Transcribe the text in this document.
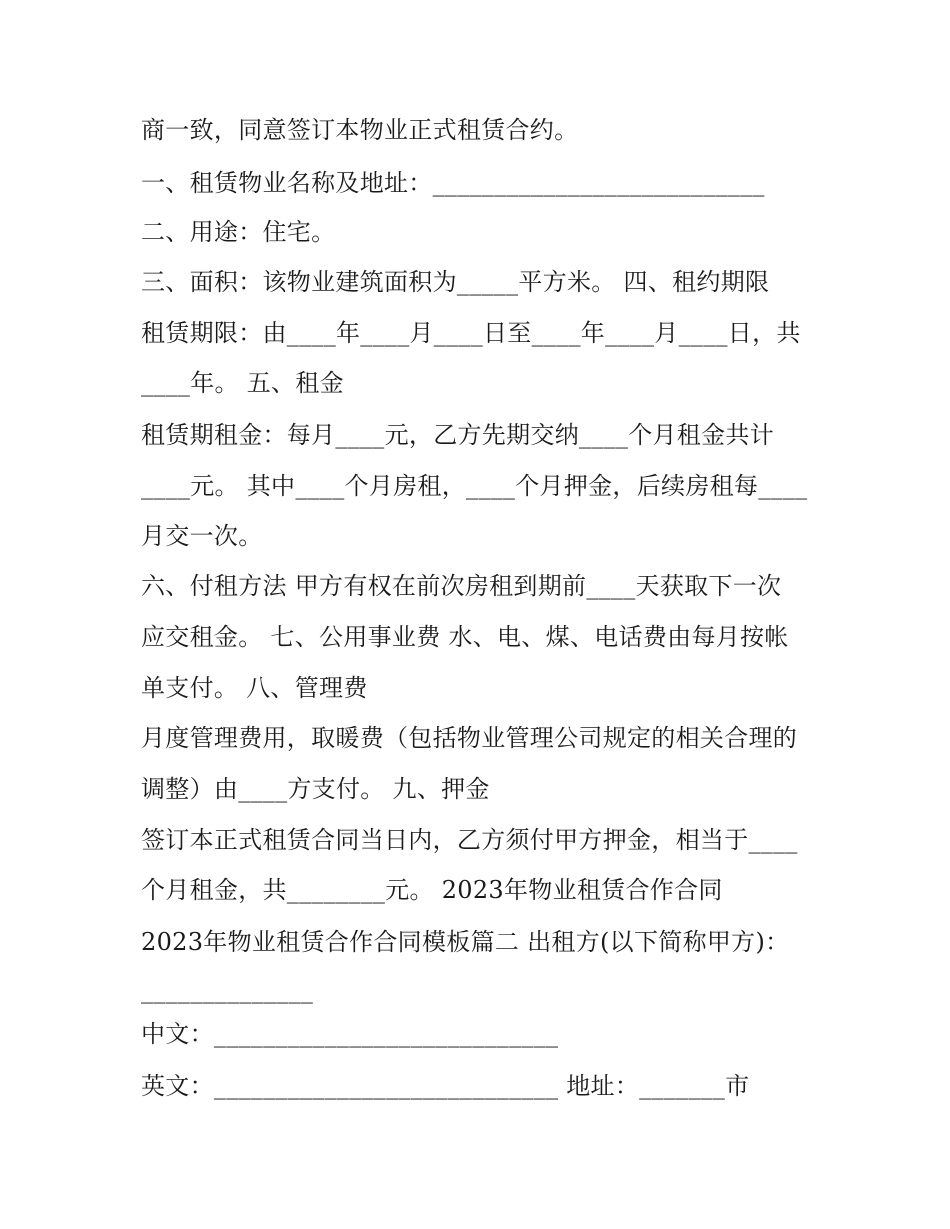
商一致，同意签订本物业正式租赁合约。
一、租赁物业名称及地址：___________________________
二、用途：住宅。
三、面积：该物业建筑面积为_____平方米。 四、租约期限
租赁期限：由____年____月____日至____年____月____日，共
____年。 五、租金
租赁期租金：每月____元，乙方先期交纳____个月租金共计
____元。 其中____个月房租，____个月押金，后续房租每____
月交一次。
六、付租方法 甲方有权在前次房租到期前____天获取下一次
应交租金。 七、公用事业费 水、电、煤、电话费由每月按帐
单支付。 八、管理费
月度管理费用，取暖费（包括物业管理公司规定的相关合理的
调整）由____方支付。 九、押金
签订本正式租赁合同当日内，乙方须付甲方押金，相当于____
个月租金，共________元。 2023年物业租赁合作合同
2023年物业租赁合作合同模板篇二 出租方(以下简称甲方)：
______________
中文：____________________________
英文：____________________________ 地址：_______市
